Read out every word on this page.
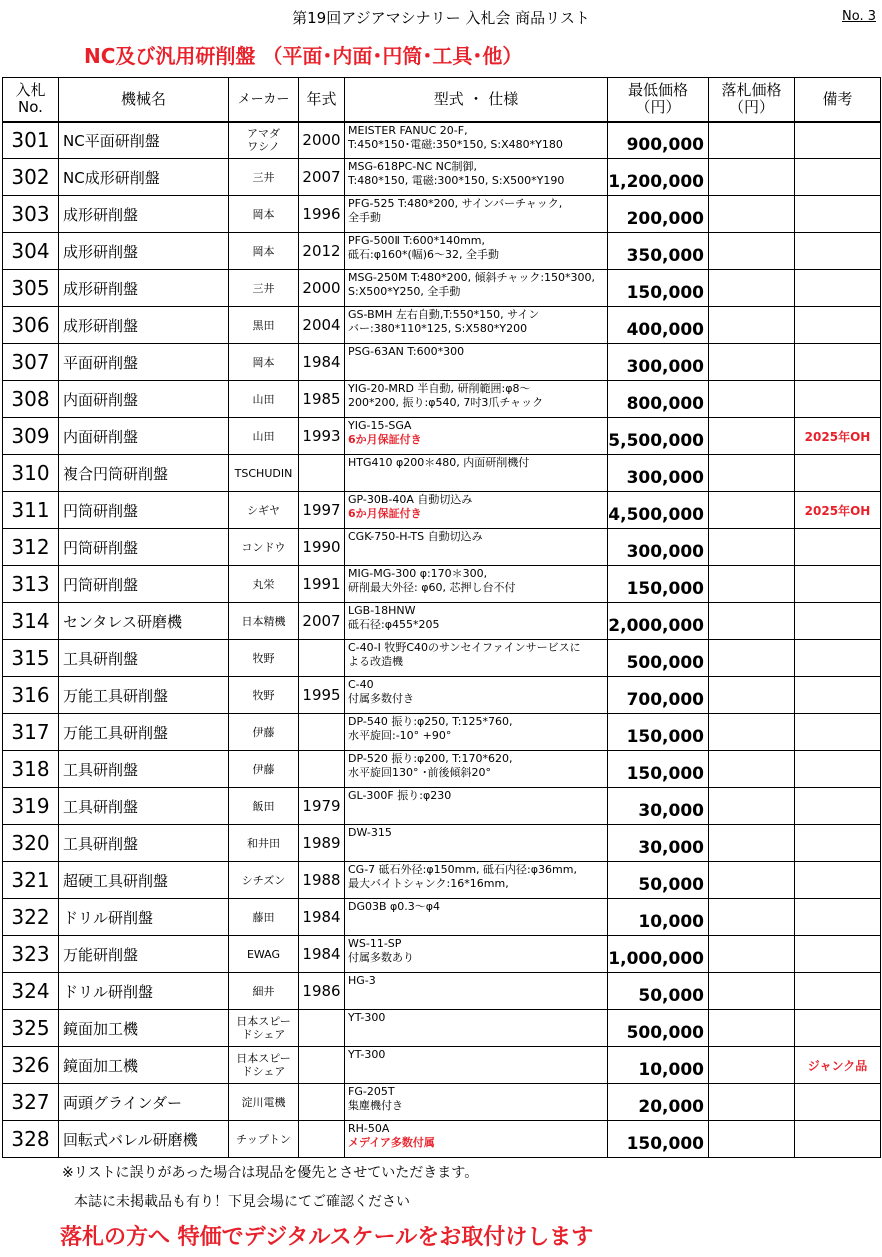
第19回アジアマシナリー 入札会 商品リスト	No. 3
NC及び汎用研削盤 （平面･内面･円筒･工具･他）
入札
No.	機械名	メーカー	年式	型式 ・ 仕様	最低価格
（円）	落札価格
（円）	備考
301	NC平面研削盤	アマダ
ワシノ	2000	MEISTER FANUC 20-F,
T:450*150･電磁:350*150, S:X480*Y180	900,000		
302	NC成形研削盤	三井	2007	MSG-618PC-NC NC制御,
T:480*150, 電磁:300*150, S:X500*Y190	1,200,000		
303	成形研削盤	岡本	1996	PFG-525 T:480*200, サインバーチャック,
全手動	200,000		
304	成形研削盤	岡本	2012	PFG-500Ⅱ T:600*140mm,
砥石:φ160*(幅)6～32, 全手動	350,000		
305	成形研削盤	三井	2000	MSG-250M T:480*200, 傾斜チャック:150*300,
S:X500*Y250, 全手動	150,000		
306	成形研削盤	黒田	2004	GS-BMH 左右自動,T:550*150, サイン
バー:380*110*125, S:X580*Y200	400,000		
307	平面研削盤	岡本	1984	PSG-63AN T:600*300	300,000		
308	内面研削盤	山田	1985	YIG-20-MRD 半自動, 研削範囲:φ8～
200*200, 振り:φ540, 7吋3爪チャック	800,000		
309	内面研削盤	山田	1993	YIG-15-SGA
6か月保証付き	5,500,000		2025年OH
310	複合円筒研削盤	TSCHUDIN		HTG410 φ200＊480, 内面研削機付	300,000		
311	円筒研削盤	シギヤ	1997	GP-30B-40A 自動切込み
6か月保証付き	4,500,000		2025年OH
312	円筒研削盤	コンドウ	1990	CGK-750-H-TS 自動切込み	300,000		
313	円筒研削盤	丸栄	1991	MIG-MG-300 φ:170＊300,
研削最大外径: φ60, 芯押し台不付	150,000		
314	センタレス研磨機	日本精機	2007	LGB-18HNW
砥石径:φ455*205	2,000,000		
315	工具研削盤	牧野		C-40-I 牧野C40のサンセイファインサービスに
よる改造機	500,000		
316	万能工具研削盤	牧野	1995	C-40
付属多数付き	700,000		
317	万能工具研削盤	伊藤		DP-540 振り:φ250, T:125*760,
水平旋回:-10° +90°	150,000		
318	工具研削盤	伊藤		DP-520 振り:φ200, T:170*620,
水平旋回130° ･前後傾斜20°	150,000		
319	工具研削盤	飯田	1979	GL-300F 振り:φ230	30,000		
320	工具研削盤	和井田	1989	DW-315	30,000		
321	超硬工具研削盤	シチズン	1988	CG-7 砥石外径:φ150mm, 砥石内径:φ36mm,
最大バイトシャンク:16*16mm,	50,000		
322	ドリル研削盤	藤田	1984	DG03B φ0.3～φ4	10,000		
323	万能研削盤	EWAG	1984	WS-11-SP
付属多数あり	1,000,000		
324	ドリル研削盤	細井	1986	HG-3	50,000		
325	鏡面加工機	日本スピー
ドシェア		YT-300	500,000		
326	鏡面加工機	日本スピー
ドシェア		YT-300	10,000		ジャンク品
327	両頭グラインダー	淀川電機		FG-205T
集塵機付き	20,000		
328	回転式バレル研磨機	チップトン		RH-50A
メデイア多数付属	150,000		
※リストに誤りがあった場合は現品を優先とさせていただきます。
本誌に未掲載品も有り！下見会場にてご確認ください
落札の方へ 特価でデジタルスケールをお取付けします
